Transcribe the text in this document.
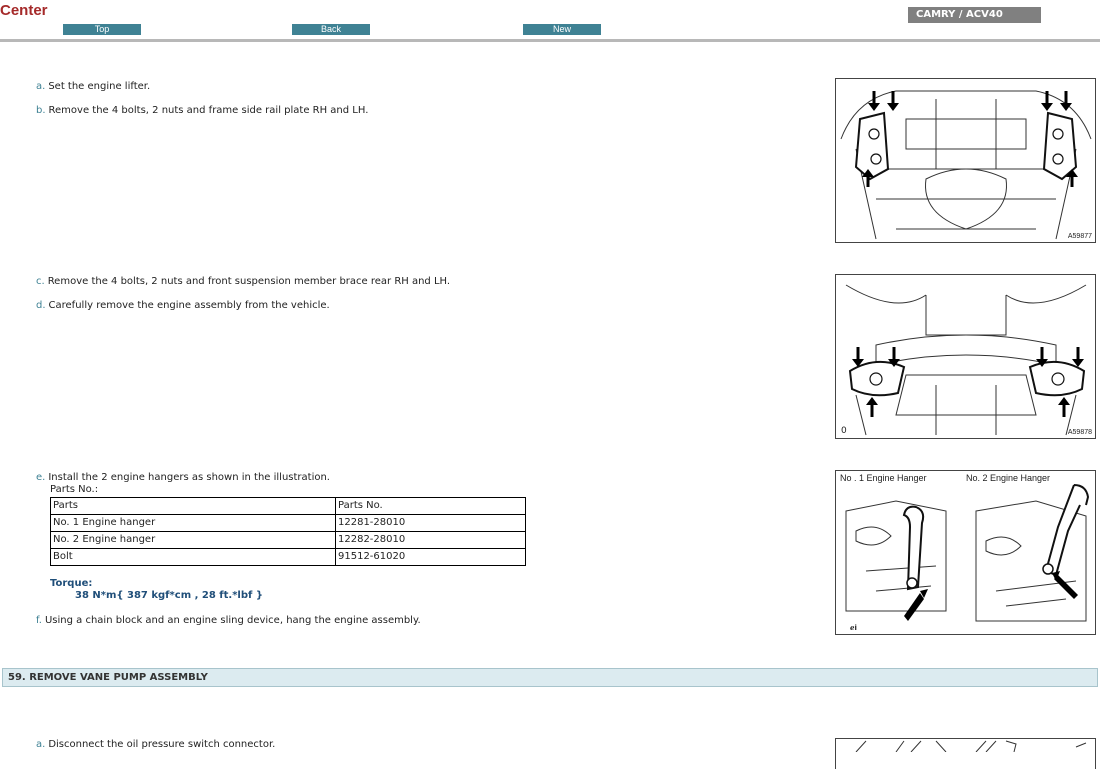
Center
Top	Back	New
CAMRY / ACV40
a. Set the engine lifter.
b. Remove the 4 bolts, 2 nuts and frame side rail plate RH and LH.
c. Remove the 4 bolts, 2 nuts and front suspension member brace rear RH and LH.
d. Carefully remove the engine assembly from the vehicle.
e. Install the 2 engine hangers as shown in the illustration.
Parts No.:
Parts	Parts No.
No. 1 Engine hanger	12281-28010
No. 2 Engine hanger	12282-28010
Bolt	91512-61020
Torque:
38 N*m{ 387 kgf*cm , 28 ft.*lbf }
f. Using a chain block and an engine sling device, hang the engine assembly.
59. REMOVE VANE PUMP ASSEMBLY
a. Disconnect the oil pressure switch connector.
A59877
0	A59878
No . 1 Engine Hanger	No. 2 Engine Hanger
ℯi
